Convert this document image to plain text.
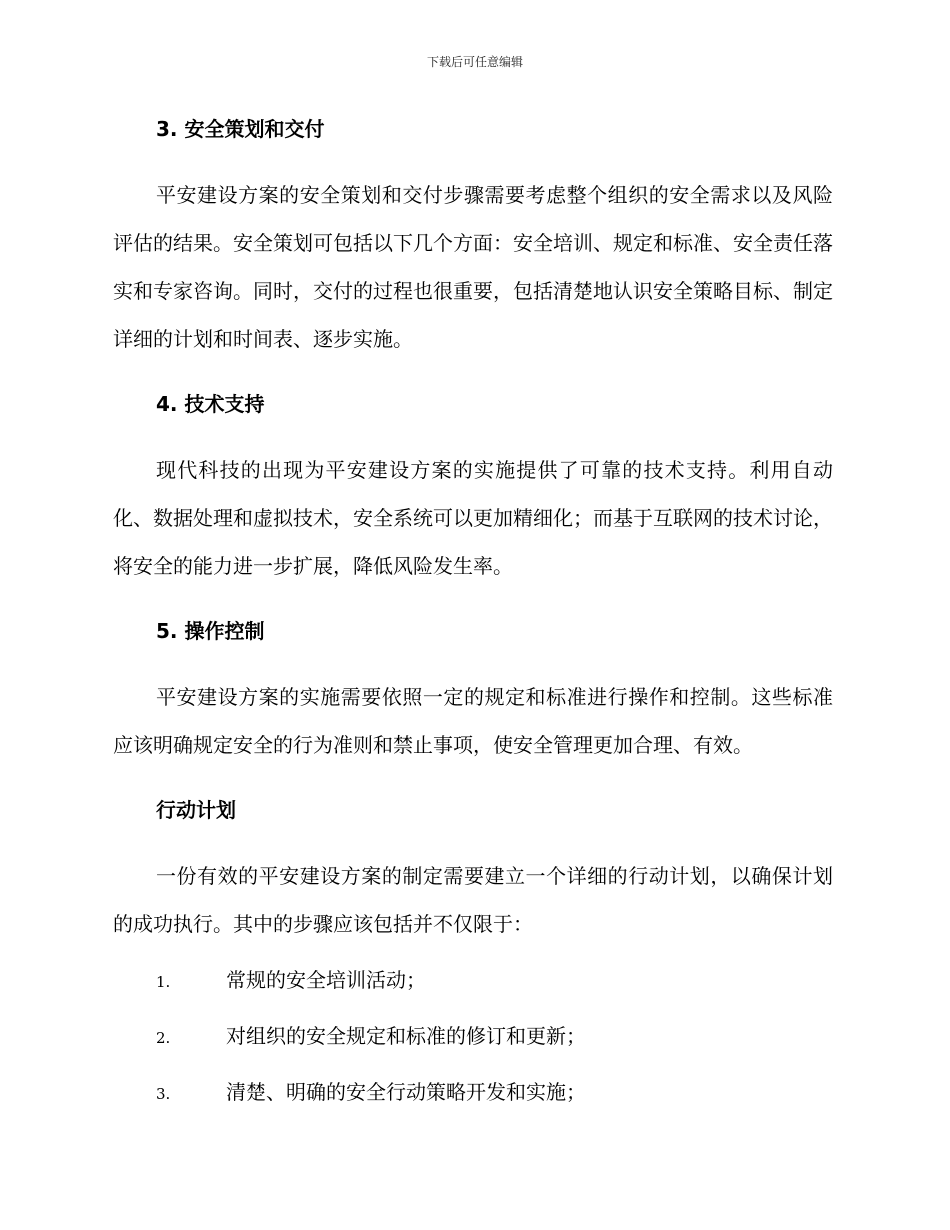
下载后可任意编辑
3. 安全策划和交付

平安建设方案的安全策划和交付步骤需要考虑整个组织的安全需求以及风险评估的结果。安全策划可包括以下几个方面：安全培训、规定和标准、安全责任落实和专家咨询。同时，交付的过程也很重要，包括清楚地认识安全策略目标、制定详细的计划和时间表、逐步实施。

4. 技术支持

现代科技的出现为平安建设方案的实施提供了可靠的技术支持。利用自动化、数据处理和虚拟技术，安全系统可以更加精细化；而基于互联网的技术讨论，将安全的能力进一步扩展，降低风险发生率。

5. 操作控制

平安建设方案的实施需要依照一定的规定和标准进行操作和控制。这些标准应该明确规定安全的行为准则和禁止事项，使安全管理更加合理、有效。

行动计划

一份有效的平安建设方案的制定需要建立一个详细的行动计划，以确保计划的成功执行。其中的步骤应该包括并不仅限于：

1.	常规的安全培训活动；
2.	对组织的安全规定和标准的修订和更新；
3.	清楚、明确的安全行动策略开发和实施；
